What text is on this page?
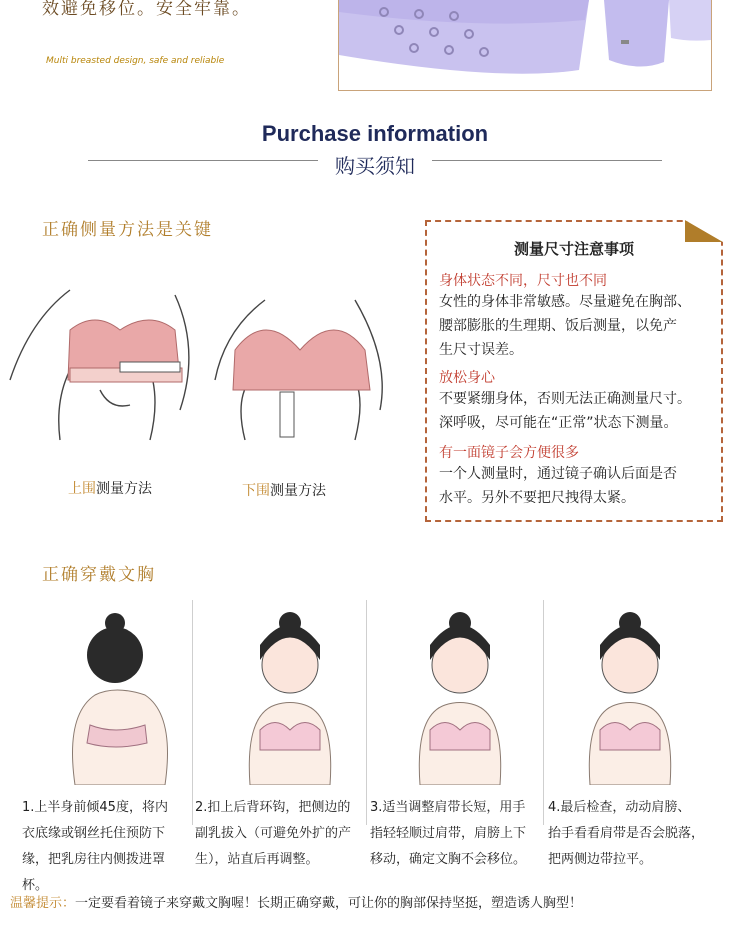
效避免移位。安全牢靠。
Multi breasted design, safe and reliable
Purchase information
购买须知
正确侧量方法是关键
上围测量方法	下围测量方法
测量尺寸注意事项
身体状态不同，尺寸也不同
女性的身体非常敏感。尽量避免在胸部、
腰部膨胀的生理期、饭后测量，以免产
生尺寸误差。
放松身心
不要紧绷身体，否则无法正确测量尺寸。
深呼吸，尽可能在“正常”状态下测量。
有一面镜子会方便很多
一个人测量时，通过镜子确认后面是否
水平。另外不要把尺拽得太紧。
正确穿戴文胸
1.上半身前倾45度，将内
衣底缘或钢丝托住预防下
缘，把乳房往内侧拨进罩
杯。
2.扣上后背环钩，把侧边的
副乳拔入（可避免外扩的产
生），站直后再调整。
3.适当调整肩带长短，用手
指轻轻顺过肩带，肩膀上下
移动，确定文胸不会移位。
4.最后检查，动动肩膀、
抬手看看肩带是否会脱落，
把两侧边带拉平。
温馨提示：一定要看着镜子来穿戴文胸喔！长期正确穿戴，可让你的胸部保持坚挺，塑造诱人胸型！
